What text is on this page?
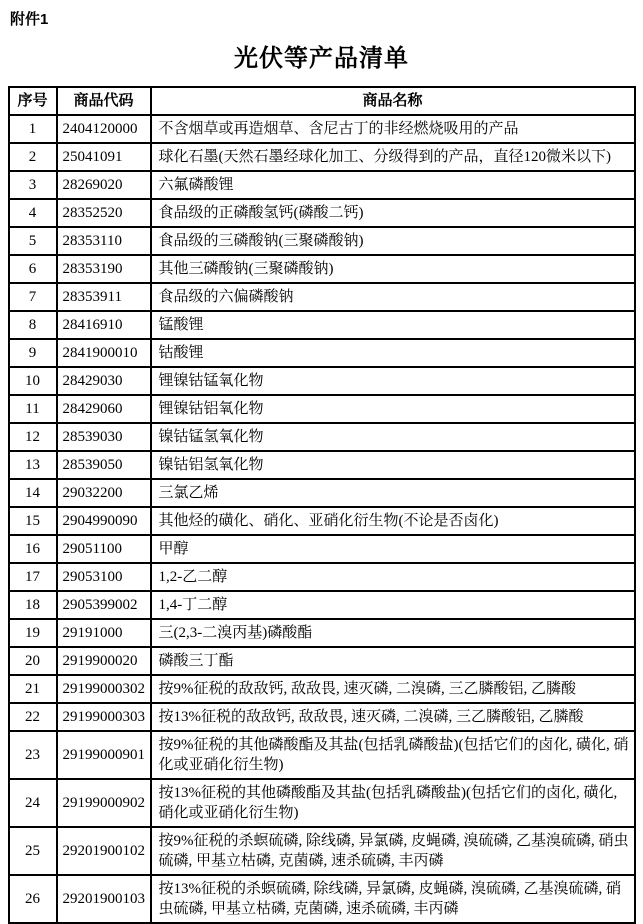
附件1
光伏等产品清单
序号	商品代码	商品名称
1	2404120000	不含烟草或再造烟草、含尼古丁的非经燃烧吸用的产品
2	25041091	球化石墨(天然石墨经球化加工、分级得到的产品，直径120微米以下)
3	28269020	六氟磷酸锂
4	28352520	食品级的正磷酸氢钙(磷酸二钙)
5	28353110	食品级的三磷酸钠(三聚磷酸钠)
6	28353190	其他三磷酸钠(三聚磷酸钠)
7	28353911	食品级的六偏磷酸钠
8	28416910	锰酸锂
9	2841900010	钴酸锂
10	28429030	锂镍钴锰氧化物
11	28429060	锂镍钴铝氧化物
12	28539030	镍钴锰氢氧化物
13	28539050	镍钴铝氢氧化物
14	29032200	三氯乙烯
15	2904990090	其他烃的磺化、硝化、亚硝化衍生物(不论是否卤化)
16	29051100	甲醇
17	29053100	1,2-乙二醇
18	2905399002	1,4-丁二醇
19	29191000	三(2,3-二溴丙基)磷酸酯
20	2919900020	磷酸三丁酯
21	29199000302	按9%征税的敌敌钙, 敌敌畏, 速灭磷, 二溴磷, 三乙膦酸铝, 乙膦酸
22	29199000303	按13%征税的敌敌钙, 敌敌畏, 速灭磷, 二溴磷, 三乙膦酸铝, 乙膦酸
23	29199000901	按9%征税的其他磷酸酯及其盐(包括乳磷酸盐)(包括它们的卤化, 磺化, 硝化或亚硝化衍生物)
24	29199000902	按13%征税的其他磷酸酯及其盐(包括乳磷酸盐)(包括它们的卤化, 磺化, 硝化或亚硝化衍生物)
25	29201900102	按9%征税的杀螟硫磷, 除线磷, 异氯磷, 皮蝇磷, 溴硫磷, 乙基溴硫磷, 硝虫硫磷, 甲基立枯磷, 克菌磷, 速杀硫磷, 丰丙磷
26	29201900103	按13%征税的杀螟硫磷, 除线磷, 异氯磷, 皮蝇磷, 溴硫磷, 乙基溴硫磷, 硝虫硫磷, 甲基立枯磷, 克菌磷, 速杀硫磷, 丰丙磷
